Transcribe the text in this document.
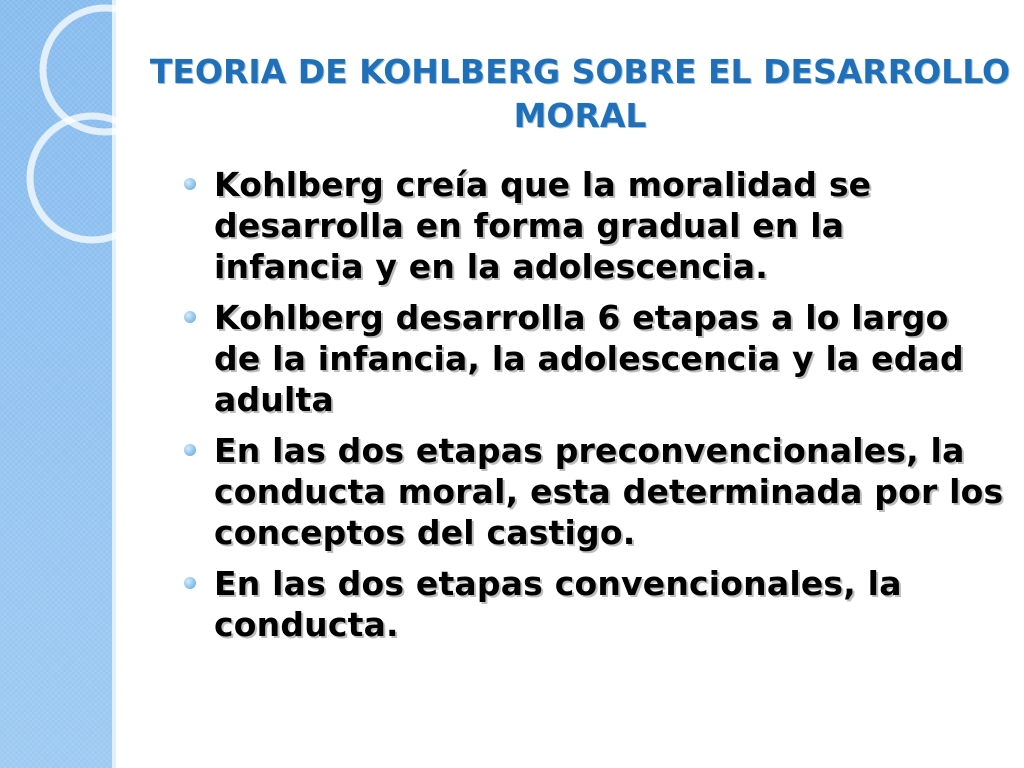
TEORIA DE KOHLBERG SOBRE EL DESARROLLO MORAL
Kohlberg creía que la moralidad se desarrolla en forma gradual en la infancia y en la adolescencia.
Kohlberg desarrolla 6 etapas a lo largo de la infancia, la adolescencia y la edad adulta
En las dos etapas preconvencionales, la conducta moral, esta determinada por los conceptos del castigo.
En las dos etapas convencionales, la conducta.
